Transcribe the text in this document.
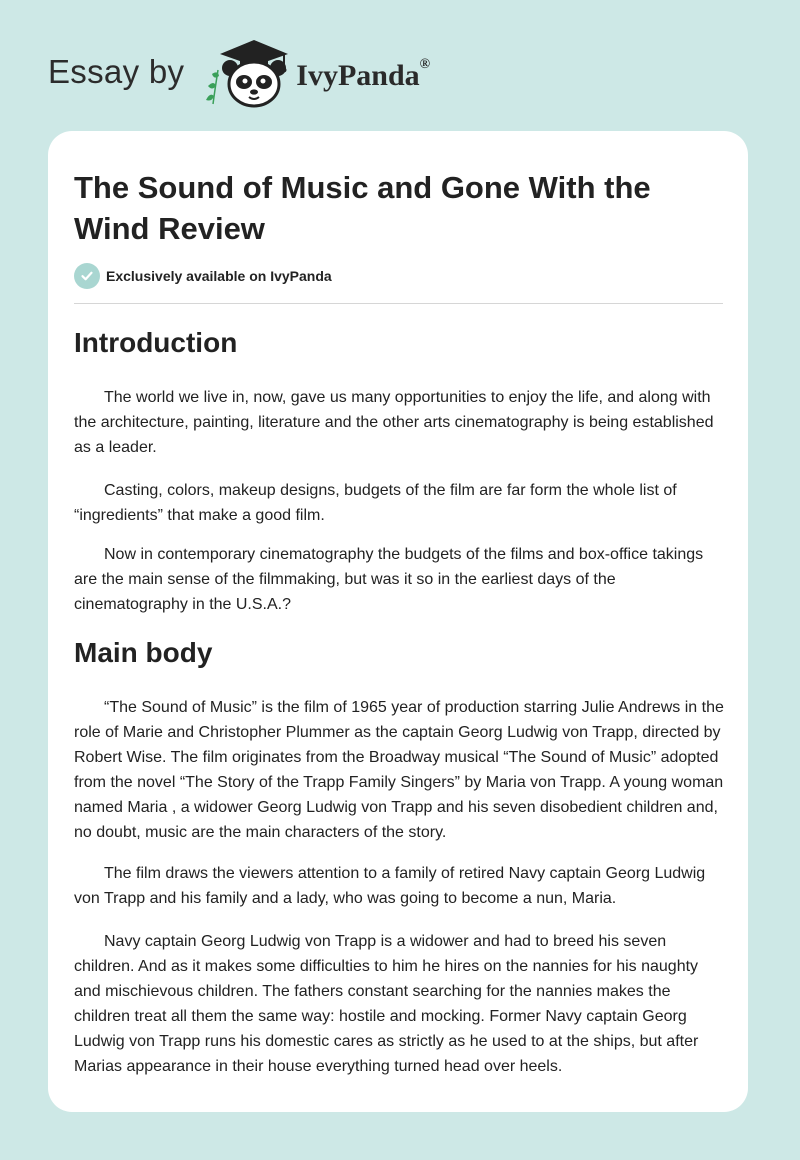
Essay by	IvyPanda®
The Sound of Music and Gone With the Wind Review
Exclusively available on IvyPanda
Introduction

The world we live in, now, gave us many opportunities to enjoy the life, and along with the architecture, painting, literature and the other arts cinematography is being established as a leader.

Casting, colors, makeup designs, budgets of the film are far form the whole list of “ingredients” that make a good film.

Now in contemporary cinematography the budgets of the films and box-office takings are the main sense of the filmmaking, but was it so in the earliest days of the cinematography in the U.S.A.?

Main body

“The Sound of Music” is the film of 1965 year of production starring Julie Andrews in the role of Marie and Christopher Plummer as the captain Georg Ludwig von Trapp, directed by Robert Wise. The film originates from the Broadway musical “The Sound of Music” adopted from the novel “The Story of the Trapp Family Singers” by Maria von Trapp. A young woman named Maria , a widower Georg Ludwig von Trapp and his seven disobedient children and, no doubt, music are the main characters of the story.

The film draws the viewers attention to a family of retired Navy captain Georg Ludwig von Trapp and his family and a lady, who was going to become a nun, Maria.

Navy captain Georg Ludwig von Trapp is a widower and had to breed his seven children. And as it makes some difficulties to him he hires on the nannies for his naughty and mischievous children. The fathers constant searching for the nannies makes the children treat all them the same way: hostile and mocking. Former Navy captain Georg Ludwig von Trapp runs his domestic cares as strictly as he used to at the ships, but after Marias appearance in their house everything turned head over heels.
